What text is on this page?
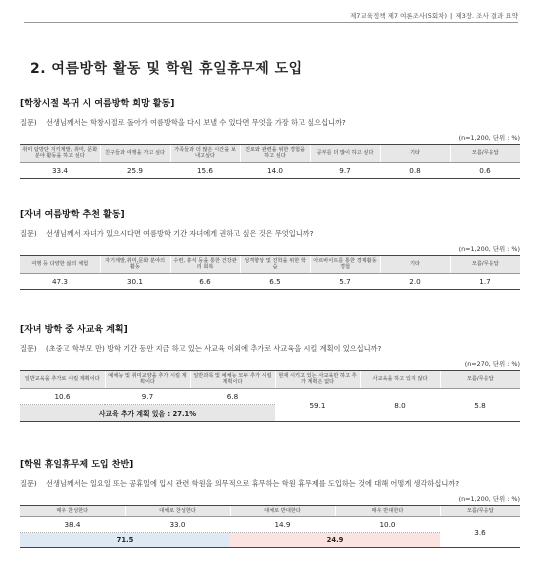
제7교육정책 제7 여론조사(5회차) | 제3장. 조사 결과 요약
2. 여름방학 활동 및 학원 휴일휴무제 도입
[학창시절 복귀 시 여름방학 희망 활동]
질문)	선생님께서는 학창시절로 돌아가 여름방학을 다시 보낼 수 있다면 무엇을 가장 하고 싶으십니까?
(n=1,200, 단위 : %)
취미 탐방단 지키계발, 취미, 문화 분야 활동을 하고 싶다	친구들과 여행을 가고 싶다	가족들과 더 많은 시간을 보내고싶다	진로와 관련을 위한 경험을 하고 싶다	공부를 더 많이 하고 싶다	기타	모름/무응답
33.4	25.9	15.6	14.0	9.7	0.8	0.6
[자녀 여름방학 추천 활동]
질문)	선생님께서 자녀가 있으시다면 여름방학 기간 자녀에게 권하고 싶은 것은 무엇입니까?
(n=1,200, 단위 : %)
여행 등 다양한 삶의 체험	자기계발,취미,문화 분야의 활동	수련, 휴식 등을 통한 건강관리 회복	성격향상 및 진학을 위한 학습	아르바이트를 통한 경제활동경험	기타	모름/무응답
47.3	30.1	6.6	6.5	5.7	2.0	1.7
[자녀 방학 중 사교육 계획]
질문)	(초중고 학부모 만) 방학 기간 동안 지금 하고 있는 사교육 이외에 추가로 사교육을 시킬 계획이 있으십니까?
(n=270, 단위 : %)
일반교육을 추가로 시킬 계획이다	예체능 및 취미교양을 추가 시킬 계획이다	일반과목 및 예체능 모두 추가 시킬 계획이다	현재 시키고 있는 사교육만 하고 추가 계획은 없다	사교육을 하고 있지 않다	모름/무응답
10.6	9.7	6.8	59.1	8.0	5.8
사교육 추가 계획 있음 : 27.1%					
[학원 휴일휴무제 도입 찬반]
질문)	선생님께서는 일요일 또는 공휴일에 입시 관련 학원을 의무적으로 휴무하는 학원 휴무제를 도입하는 것에 대해 어떻게 생각하십니까?
(n=1,200, 단위 : %)
매우 찬성한다	대체로 찬성한다	대체로 반대한다	매우 반대한다	모름/무응답
38.4	33.0	14.9	10.0	3.6
71.5		24.9		
